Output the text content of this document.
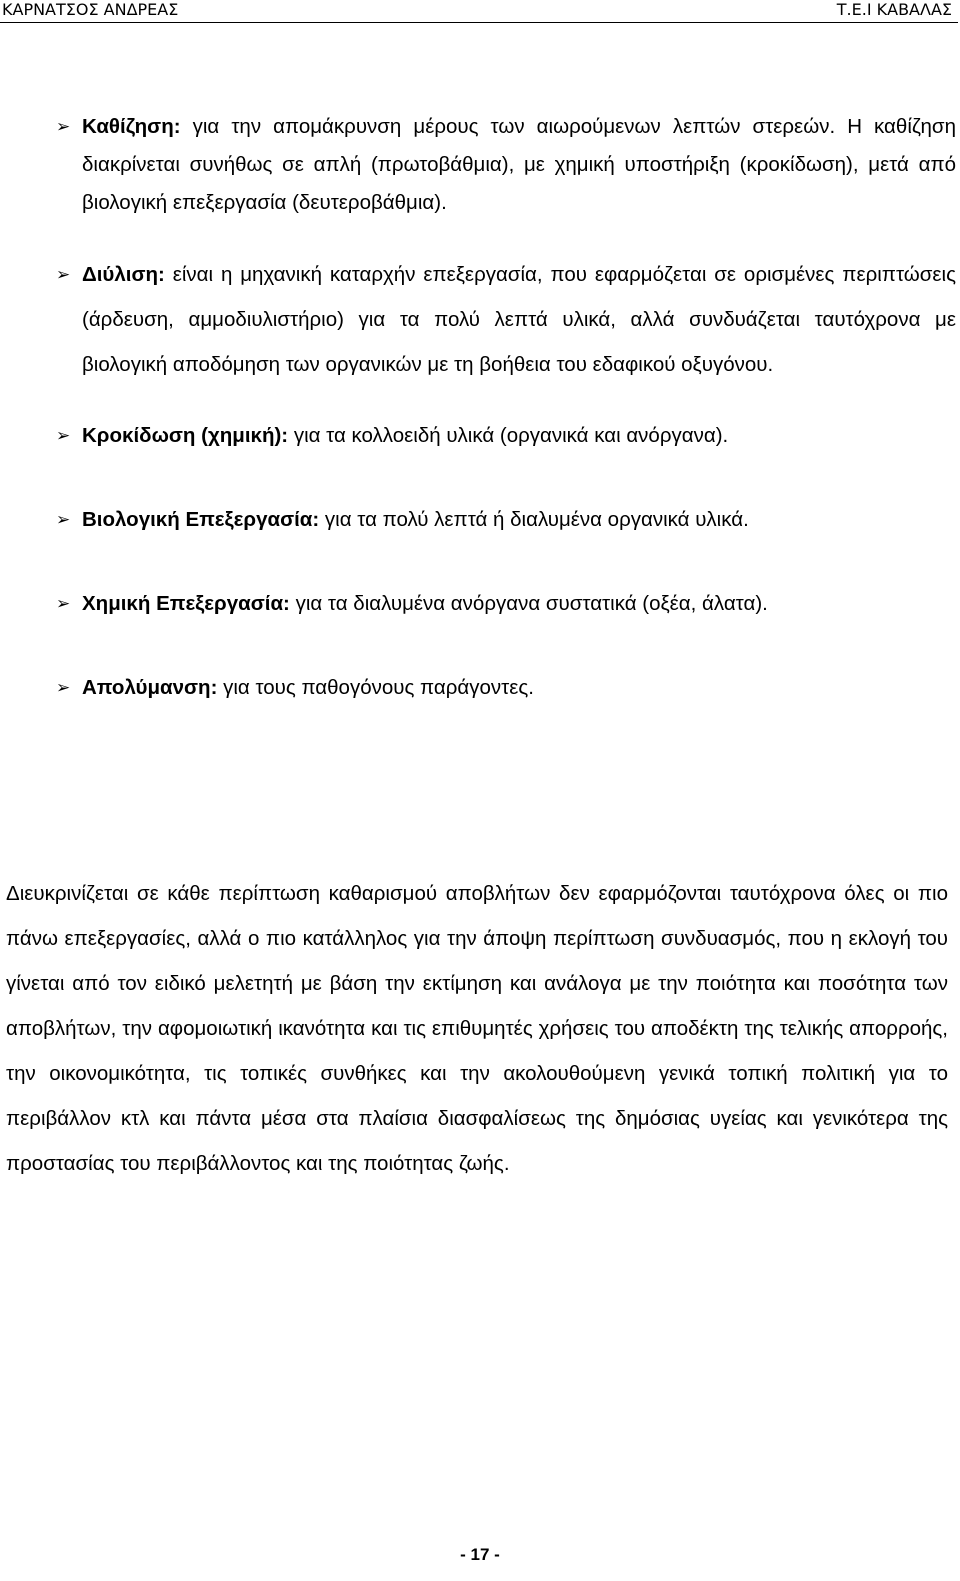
ΚΑΡΝΑΤΣΟΣ ΑΝΔΡΕΑΣ	Τ.Ε.Ι ΚΑΒΑΛΑΣ
➢ Καθίζηση: για την απομάκρυνση μέρους των αιωρούμενων λεπτών στερεών. Η καθίζηση διακρίνεται συνήθως σε απλή (πρωτοβάθμια), με χημική υποστήριξη (κροκίδωση), μετά από βιολογική επεξεργασία (δευτεροβάθμια).
➢ Διύλιση: είναι η μηχανική καταρχήν επεξεργασία, που εφαρμόζεται σε ορισμένες περιπτώσεις (άρδευση, αμμοδιυλιστήριο) για τα πολύ λεπτά υλικά, αλλά συνδυάζεται ταυτόχρονα με βιολογική αποδόμηση των οργανικών με τη βοήθεια του εδαφικού οξυγόνου.
➢ Κροκίδωση (χημική): για τα κολλοειδή υλικά (οργανικά και ανόργανα).
➢ Βιολογική Επεξεργασία: για τα πολύ λεπτά ή διαλυμένα οργανικά υλικά.
➢ Χημική Επεξεργασία: για τα διαλυμένα ανόργανα συστατικά (οξέα, άλατα).
➢ Απολύμανση: για τους παθογόνους παράγοντες.

Διευκρινίζεται σε κάθε περίπτωση καθαρισμού αποβλήτων δεν εφαρμόζονται ταυτόχρονα όλες οι πιο πάνω επεξεργασίες, αλλά ο πιο κατάλληλος για την άποψη περίπτωση συνδυασμός, που η εκλογή του γίνεται από τον ειδικό μελετητή με βάση την εκτίμηση και ανάλογα με την ποιότητα και ποσότητα των αποβλήτων, την αφομοιωτική ικανότητα και τις επιθυμητές χρήσεις του αποδέκτη της τελικής απορροής, την οικονομικότητα, τις τοπικές συνθήκες και την ακολουθούμενη γενικά τοπική πολιτική για το περιβάλλον κτλ και πάντα μέσα στα πλαίσια διασφαλίσεως της δημόσιας υγείας και γενικότερα της προστασίας του περιβάλλοντος και της ποιότητας ζωής.

- 17 -
